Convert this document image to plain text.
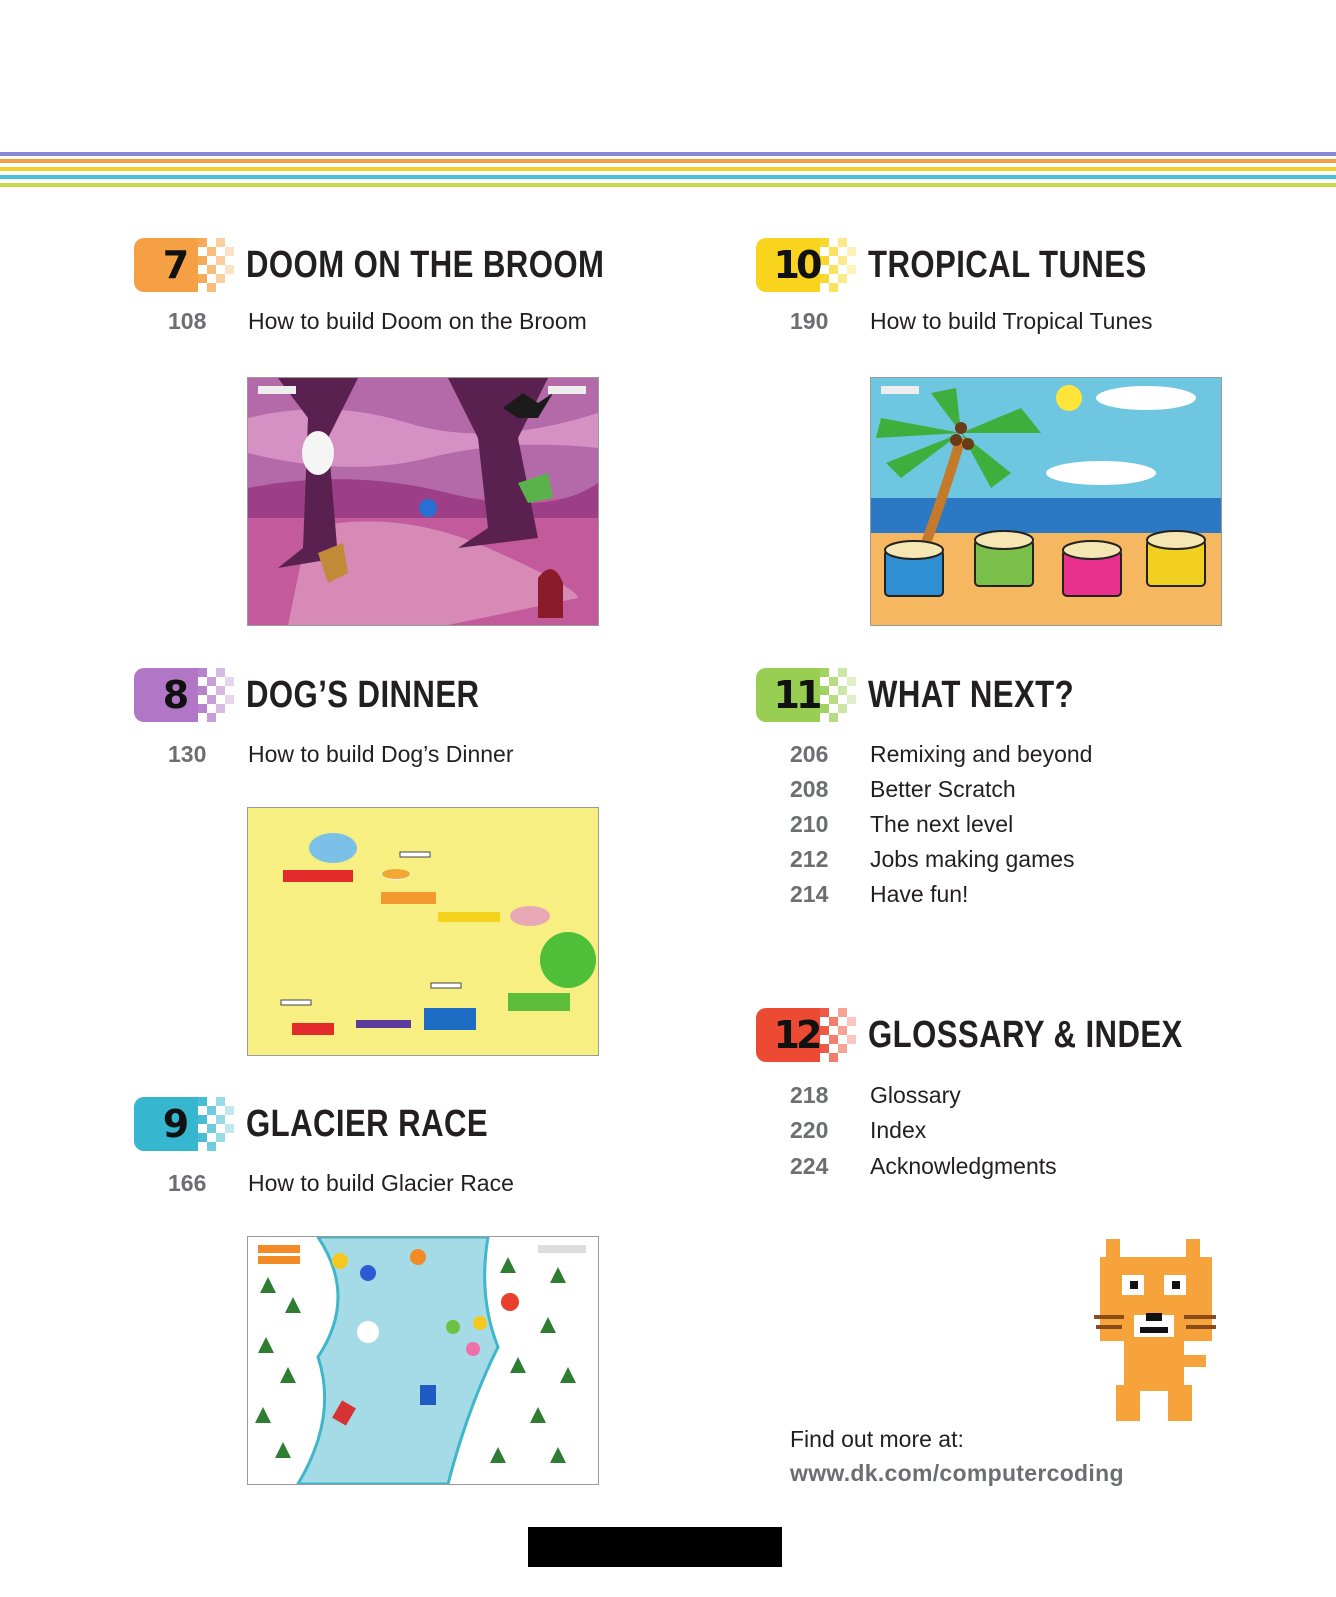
7	DOOM ON THE BROOM
108 How to build Doom on the Broom
8	DOG’S DINNER
130 How to build Dog’s Dinner
9	GLACIER RACE
166 How to build Glacier Race
10	TROPICAL TUNES
190 How to build Tropical Tunes
11	WHAT NEXT?
206 Remixing and beyond
208 Better Scratch
210 The next level
212 Jobs making games
214 Have fun!
12	GLOSSARY & INDEX
218 Glossary
220 Index
224 Acknowledgments
Find out more at:
www.dk.com/computercoding
